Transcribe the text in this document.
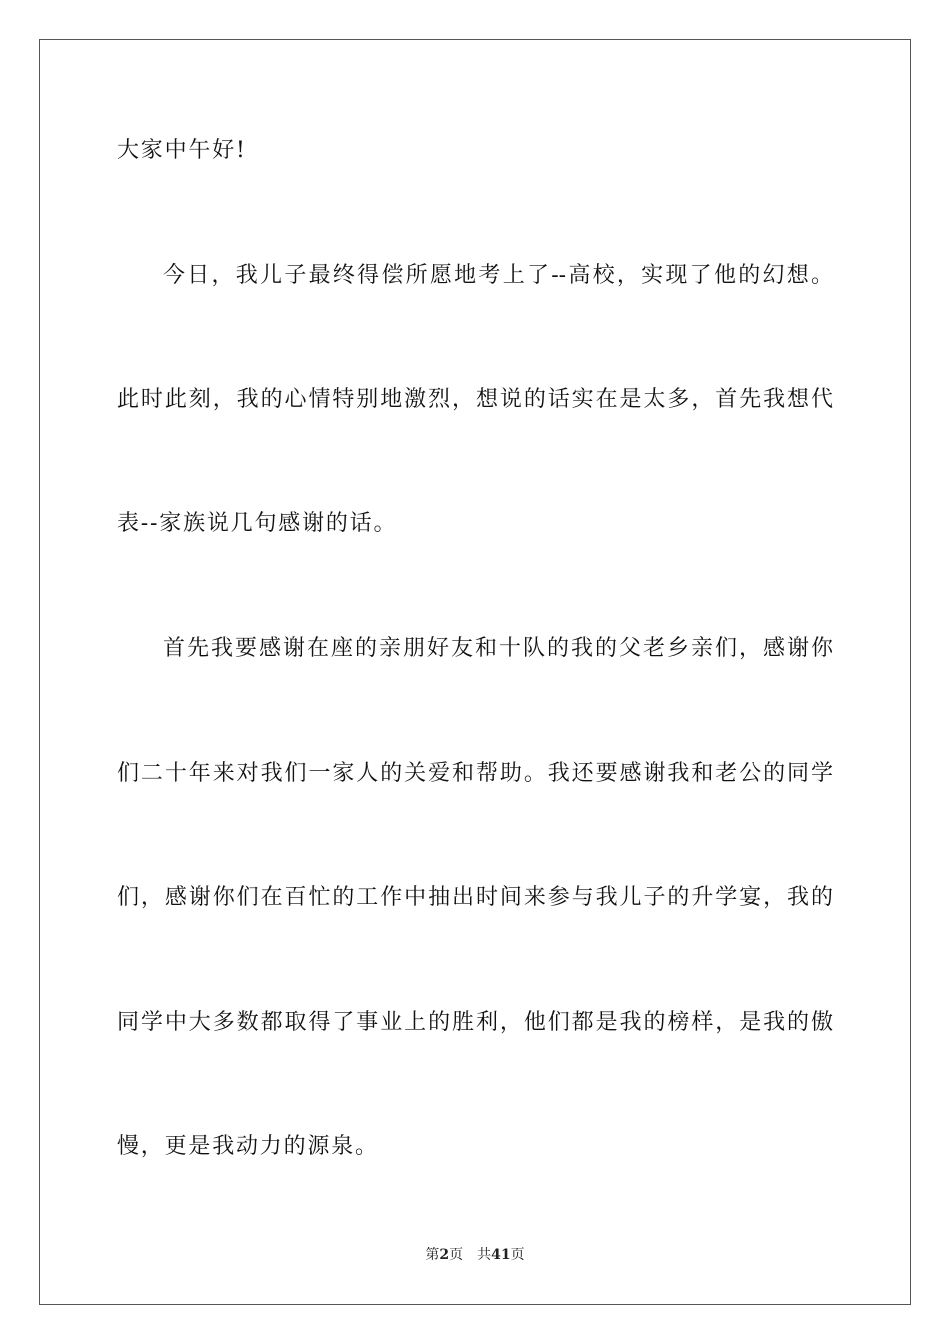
大家中午好!
今日，我儿子最终得偿所愿地考上了--高校，实现了他的幻想。
此时此刻，我的心情特别地激烈，想说的话实在是太多，首先我想代
表--家族说几句感谢的话。
首先我要感谢在座的亲朋好友和十队的我的父老乡亲们，感谢你
们二十年来对我们一家人的关爱和帮助。我还要感谢我和老公的同学
们，感谢你们在百忙的工作中抽出时间来参与我儿子的升学宴，我的
同学中大多数都取得了事业上的胜利，他们都是我的榜样，是我的傲
慢，更是我动力的源泉。
第2页 共41页
